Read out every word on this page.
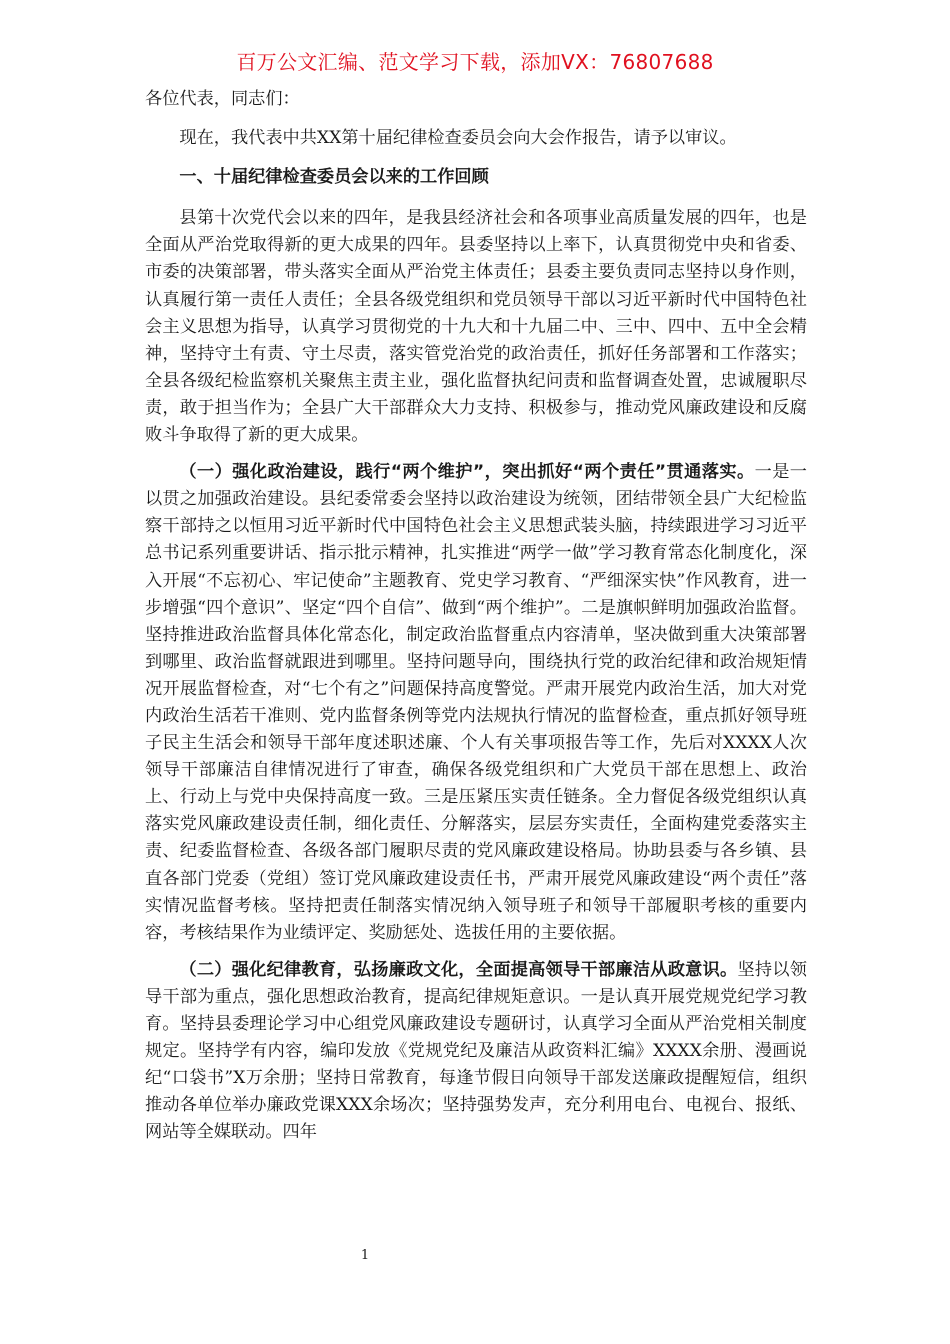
百万公文汇编、范文学习下载，添加VX：76807688

各位代表，同志们：

现在，我代表中共XX第十届纪律检查委员会向大会作报告，请予以审议。

一、十届纪律检查委员会以来的工作回顾

县第十次党代会以来的四年，是我县经济社会和各项事业高质量发展的四年，也是全面从严治党取得新的更大成果的四年。县委坚持以上率下，认真贯彻党中央和省委、市委的决策部署，带头落实全面从严治党主体责任；县委主要负责同志坚持以身作则，认真履行第一责任人责任；全县各级党组织和党员领导干部以习近平新时代中国特色社会主义思想为指导，认真学习贯彻党的十九大和十九届二中、三中、四中、五中全会精神，坚持守土有责、守土尽责，落实管党治党的政治责任，抓好任务部署和工作落实；全县各级纪检监察机关聚焦主责主业，强化监督执纪问责和监督调查处置，忠诚履职尽责，敢于担当作为；全县广大干部群众大力支持、积极参与，推动党风廉政建设和反腐败斗争取得了新的更大成果。

（一）强化政治建设，践行“两个维护”，突出抓好“两个责任”贯通落实。一是一以贯之加强政治建设。县纪委常委会坚持以政治建设为统领，团结带领全县广大纪检监察干部持之以恒用习近平新时代中国特色社会主义思想武装头脑，持续跟进学习习近平总书记系列重要讲话、指示批示精神，扎实推进“两学一做”学习教育常态化制度化，深入开展“不忘初心、牢记使命”主题教育、党史学习教育、“严细深实快”作风教育，进一步增强“四个意识”、坚定“四个自信”、做到“两个维护”。二是旗帜鲜明加强政治监督。坚持推进政治监督具体化常态化，制定政治监督重点内容清单，坚决做到重大决策部署到哪里、政治监督就跟进到哪里。坚持问题导向，围绕执行党的政治纪律和政治规矩情况开展监督检查，对“七个有之”问题保持高度警觉。严肃开展党内政治生活，加大对党内政治生活若干准则、党内监督条例等党内法规执行情况的监督检查，重点抓好领导班子民主生活会和领导干部年度述职述廉、个人有关事项报告等工作，先后对XXXX人次领导干部廉洁自律情况进行了审查，确保各级党组织和广大党员干部在思想上、政治上、行动上与党中央保持高度一致。三是压紧压实责任链条。全力督促各级党组织认真落实党风廉政建设责任制，细化责任、分解落实，层层夯实责任，全面构建党委落实主责、纪委监督检查、各级各部门履职尽责的党风廉政建设格局。协助县委与各乡镇、县直各部门党委（党组）签订党风廉政建设责任书，严肃开展党风廉政建设“两个责任”落实情况监督考核。坚持把责任制落实情况纳入领导班子和领导干部履职考核的重要内容，考核结果作为业绩评定、奖励惩处、选拔任用的主要依据。

（二）强化纪律教育，弘扬廉政文化，全面提高领导干部廉洁从政意识。坚持以领导干部为重点，强化思想政治教育，提高纪律规矩意识。一是认真开展党规党纪学习教育。坚持县委理论学习中心组党风廉政建设专题研讨，认真学习全面从严治党相关制度规定。坚持学有内容，编印发放《党规党纪及廉洁从政资料汇编》XXXX余册、漫画说纪“口袋书”X万余册；坚持日常教育，每逢节假日向领导干部发送廉政提醒短信，组织推动各单位举办廉政党课XXX余场次；坚持强势发声，充分利用电台、电视台、报纸、网站等全媒联动。四年

1
